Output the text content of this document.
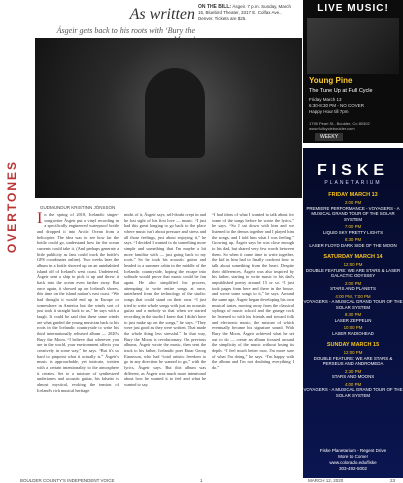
OVERTONES
As written
Ásgeir gets back to his roots with ‘Bury the
ON THE BILL: Ásgeir. 7 p.m. Sunday, March 15, Bluebird Theater, 3317 E. Colfax Ave., Denver. Tickets are $25.
GUDMUNDUR KRISTINN JÓNSSON
I n the spring of 2018, Icelandic singer-songwriter Ásgeir put a vinyl recording in a specifically engineered waterproof bottle and dropped it into Arctic Ocean from a helicopter. The idea was to see how far the bottle could go, understand how far the ocean currents could take it. (And perhaps generate a little publicity as fans could track the bottle's GPS coordinates online). Two weeks later the album in a bottle showed up on an uninhabited island off of Iceland's west coast. Undeterred, Ásgeir sent a ship to pick it up and threw it back into the ocean even farther away. But once again, it showed up on Iceland's shores, this time on the island nation's east coast. “We had thought it would end up in Europe or somewhere in America but the winds sort of just took it straight back to us,” he says with a laugh. It could be said that these same winds are what guided the young musician back to his roots in the Icelandic countryside to write his third internationally released album — 2020's Bury the Moon. “I believe that wherever you are in the world, your environment affects you creatively in some way,” he says. “But it's so hard to pinpoint what it actually is.” Ásgeir's music is approachable, yet intricate, written with a certain intentionality to the atmosphere it creates. Set to a mixture of synthesized undertones and acoustic guitar, his falsetto is almost mystical, evoking the tension of Iceland's rich musical heritage.
midst of it, Ásgeir says, self-doubt crept in and he lost sight of his first love — music. “I just had this great longing to go back to the place where music isn't about pressure and stress and all those feelings, just about enjoying it,” he says. “I decided I wanted to do something more simple and something that I'm maybe a bit more familiar with — just going back to my roots.” So he took his acoustic guitar and headed to a summer cabin in the middle of the Icelandic countryside, hoping the escape into solitude would prove that music could be fun again. He also simplified his process, attempting to write entire songs at once, untethered from the technology of the studio: songs that could stand on their own. “I just tried to write whole songs with just an acoustic guitar and a melody so that when we started recording in the studio I knew that I didn't have to just make up on the songs,” he says. “They were just good as they were written. That made the whole thing less stressful.” In that way, Bury the Moon is revolutionary. On previous albums, Ásgeir wrote the music, then sent the track to his father, Icelandic poet Einar Georg Einarsson, who had “total artistic freedom to go in any direction he wanted to go,” with the lyrics, Ásgeir says. But this album was different, as Ásgeir was much more intentional about how he wanted it to feel and what he wanted to say.
“I had ideas of what I wanted to talk about for some of the songs before he wrote the lyrics,” he says. “So I sat down with him and we listened to the demos together and I played him the songs, and I told him what I was feeling.” Growing up, Ásgeir says he was close enough to his dad, but shared very few words between them. So when it came time to write together, the kid in him had to finally confront how to talk about something from the heart. Despite their differences, Ásgeir was also inspired by his father, starting to write music to his dad's unpublished poetry around 15 or so. “I just took pages from here and there in the house, and wrote some songs to it,” he says. Around the same age, Ásgeir began developing his own musical tastes, moving away from the classical stylings of music school and the grunge rock he listened to with his friends and toward folk and electronic music, the mixture of which eventually became his signature sound. With Bury the Moon, Ásgeir achieved what he set out to do — create an album focused around the simplicity of the music without losing its depth. “I feel much better now, I'm more sure of what I'm doing,” he says. “I'm happy with the album and I'm not doubting everything I do.”
LIVE MUSIC!
Young Pine
The Tune Up at Full Cycle
Friday March 13
6:30-8:30 PM - NO COVER
Happy Hour till 7pm
1795 Pearl St., Boulder, Co 80302
www.fullcycleboulder.com
WEEKY
FISKE
PLANETARIUM
FRIDAY MARCH 13
2:00 PM
PREMIERE PERFORMANCE - VOYAGERS - A MUSICAL GRAND TOUR OF THE SOLAR SYSTEM
7:00 PM
LIQUID SKY PRETTY LIGHTS
8:30 PM
LASER FLOYD DARK SIDE OF THE MOON
SATURDAY MARCH 14
12:00 PM
DOUBLE FEATURE: WE ARE STARS & LASER GALACTIC ODYSSEY
2:00 PM
STARS AND PLANETS
4:00 PM, 7:00 PM
VOYAGERS - A MUSICAL GRAND TOUR OF THE SOLAR SYSTEM
8:30 PM
LASER ZEPPELIN
10:00 PM
LASER RADIOHEAD
SUNDAY MARCH 15
12:00 PM
DOUBLE FEATURE: WE ARE STARS & PERSEUS AND ANDROMEDA
2:30 PM
STARS AND MOONS
4:00 PM
VOYAGERS - A MUSICAL GRAND TOUR OF THE SOLAR SYSTEM
Fiske Planetarium - Regent Drive
More to Come!
www.colorado.edu/fiske
303-492-5002
BOULDER COUNTY'S INDEPENDENT VOICE	1	MARCH 12, 2020	23
